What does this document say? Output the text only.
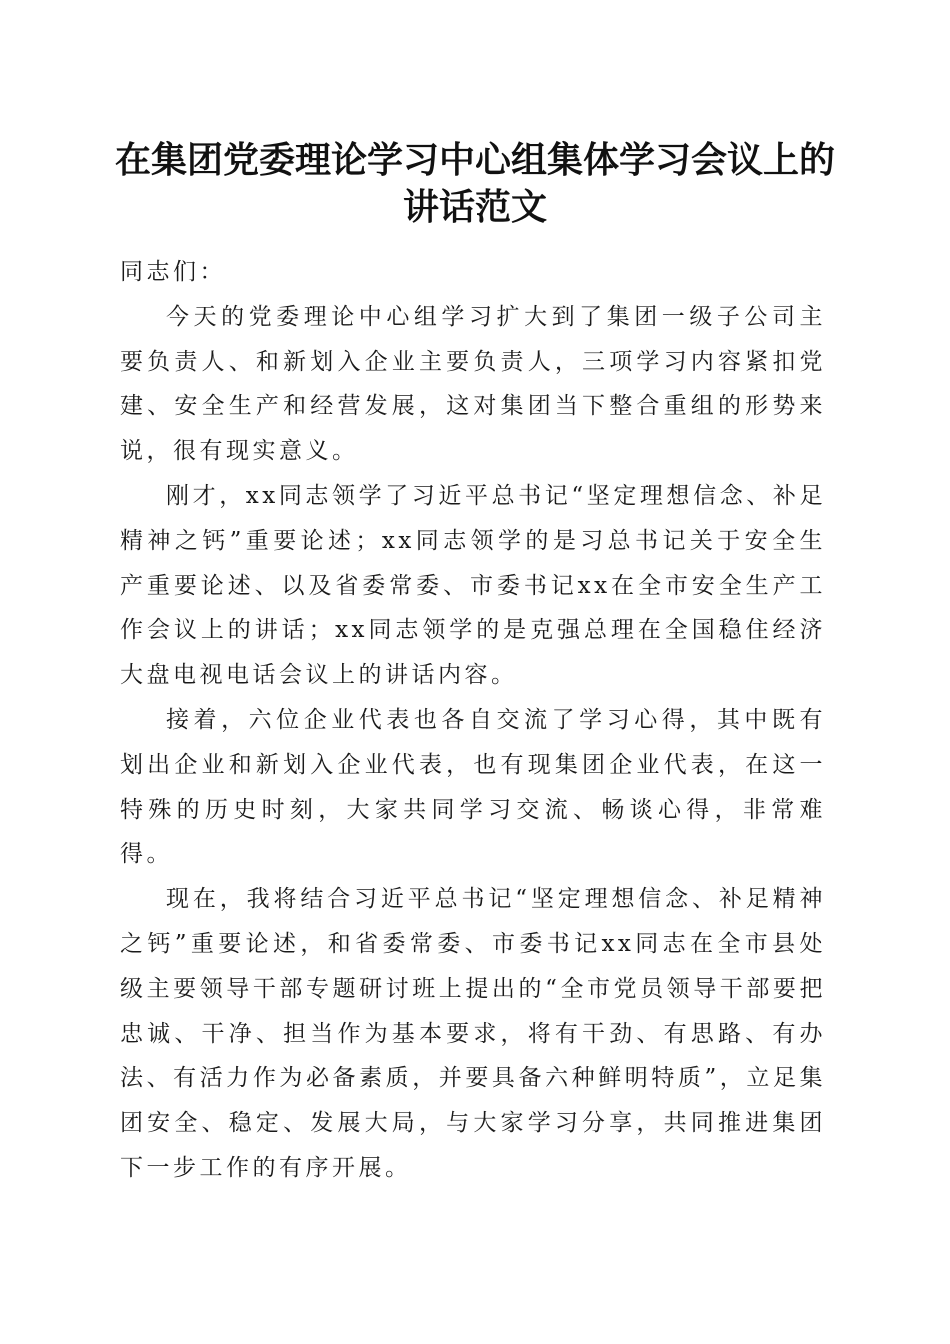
在集团党委理论学习中心组集体学习会议上的
讲话范文

同志们：

今天的党委理论中心组学习扩大到了集团一级子公司主要负责人、和新划入企业主要负责人，三项学习内容紧扣党建、安全生产和经营发展，这对集团当下整合重组的形势来说，很有现实意义。

刚才，xx同志领学了习近平总书记“坚定理想信念、补足精神之钙”重要论述；xx同志领学的是习总书记关于安全生产重要论述、以及省委常委、市委书记xx在全市安全生产工作会议上的讲话；xx同志领学的是克强总理在全国稳住经济大盘电视电话会议上的讲话内容。

接着，六位企业代表也各自交流了学习心得，其中既有划出企业和新划入企业代表，也有现集团企业代表，在这一特殊的历史时刻，大家共同学习交流、畅谈心得，非常难得。

现在，我将结合习近平总书记“坚定理想信念、补足精神之钙”重要论述，和省委常委、市委书记xx同志在全市县处级主要领导干部专题研讨班上提出的“全市党员领导干部要把忠诚、干净、担当作为基本要求，将有干劲、有思路、有办法、有活力作为必备素质，并要具备六种鲜明特质”，立足集团安全、稳定、发展大局，与大家学习分享，共同推进集团下一步工作的有序开展。
